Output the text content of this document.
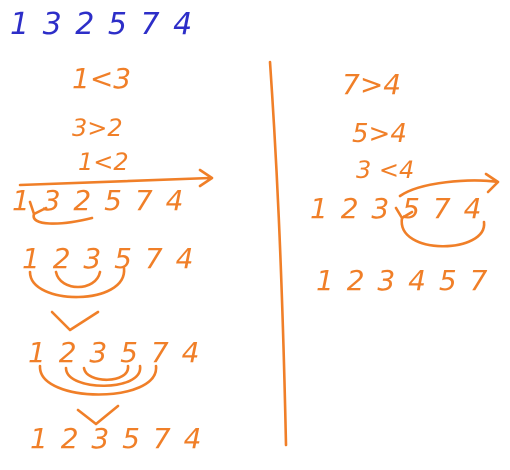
1 3 2 5 7 4
1<3
3>2
1<2
1 3 2 5 7 4
1 2 3 5 7 4
1 2 3 5 7 4
1 2 3 5 7 4
7>4
5>4
3 <4
1 2 3 5 7 4
1 2 3 4 5 7
